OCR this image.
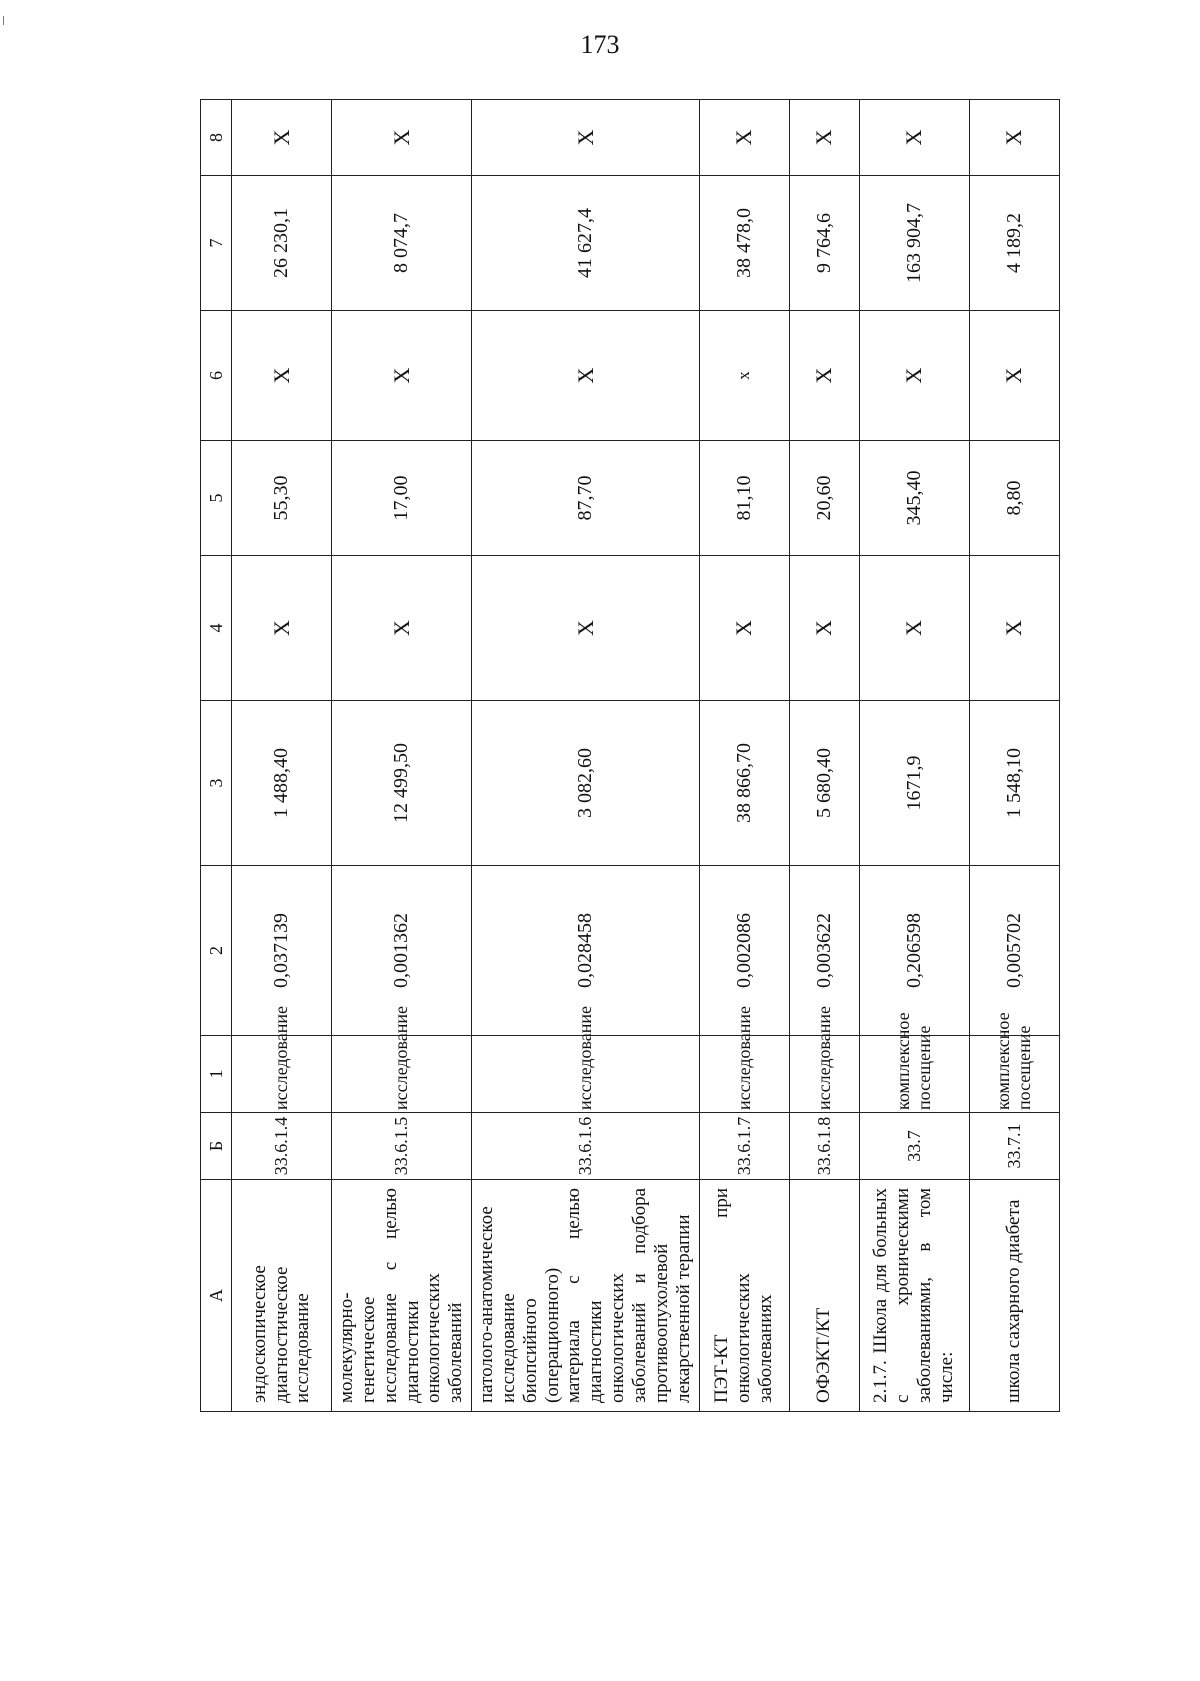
173
А	Б	1	2	3	4	5	6	7	8
эндоскопическое диагностическое исследование	33.6.1.4	исследование	0,037139	1 488,40	Х	55,30	Х	26 230,1	Х
молекулярно-генетическое исследование с целью диагностики онкологических заболеваний	33.6.1.5	исследование	0,001362	12 499,50	Х	17,00	Х	8 074,7	Х
патолого-анатомическое исследование биопсийного (операционного) материала с целью диагностики онкологических заболеваний и подбора противоопухолевой лекарственной терапии	33.6.1.6	исследование	0,028458	3 082,60	Х	87,70	Х	41 627,4	Х
ПЭТ-КТ при онкологических заболеваниях	33.6.1.7	исследование	0,002086	38 866,70	Х	81,10	х	38 478,0	Х
ОФЭКТ/КТ	33.6.1.8	исследование	0,003622	5 680,40	Х	20,60	Х	9 764,6	Х
2.1.7. Школа для больных с хроническими заболеваниями, в том числе:	33.7	комплексное посещение	0,206598	1671,9	Х	345,40	Х	163 904,7	Х
школа сахарного диабета	33.7.1	комплексное посещение	0,005702	1 548,10	Х	8,80	Х	4 189,2	Х
